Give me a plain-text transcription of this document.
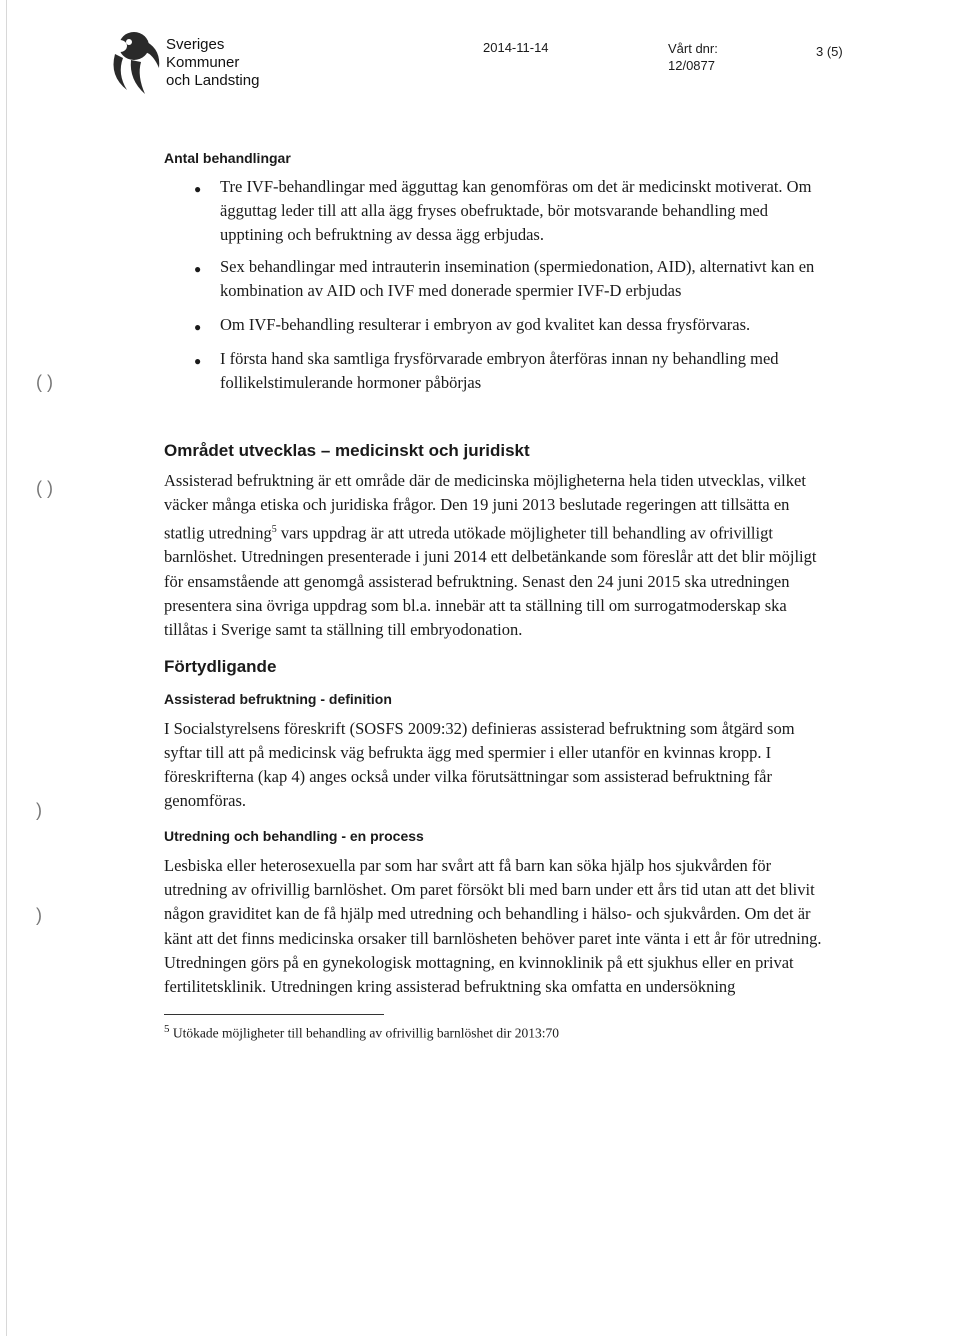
( )
( )
)
)
Sveriges
Kommuner
och Landsting
2014-11-14	Vårt dnr:
12/0877
3 (5)
Antal behandlingar
● Tre IVF-behandlingar med ägguttag kan genomföras om det är medicinskt motiverat. Om ägguttag leder till att alla ägg fryses obefruktade, bör motsvarande behandling med upptining och befruktning av dessa ägg erbjudas.
● Sex behandlingar med intrauterin insemination (spermiedonation, AID), alternativt kan en kombination av AID och IVF med donerade spermier IVF-D erbjudas
● Om IVF-behandling resulterar i embryon av god kvalitet kan dessa frysförvaras.
● I första hand ska samtliga frysförvarade embryon återföras innan ny behandling med follikelstimulerande hormoner påbörjas
Området utvecklas – medicinskt och juridiskt

Assisterad befruktning är ett område där de medicinska möjligheterna hela tiden utvecklas, vilket väcker många etiska och juridiska frågor. Den 19 juni 2013 beslutade regeringen att tillsätta en statlig utredning$^5$ vars uppdrag är att utreda utökade möjligheter till behandling av ofrivilligt barnlöshet. Utredningen presenterade i juni 2014 ett delbetänkande som föreslår att det blir möjligt för ensamstående att genomgå assisterad befruktning. Senast den 24 juni 2015 ska utredningen presentera sina övriga uppdrag som bl.a. innebär att ta ställning till om surrogatmoderskap ska tillåtas i Sverige samt ta ställning till embryodonation.

Förtydligande
Assisterad befruktning - definition

I Socialstyrelsens föreskrift (SOSFS 2009:32) definieras assisterad befruktning som åtgärd som syftar till att på medicinsk väg befrukta ägg med spermier i eller utanför en kvinnas kropp. I föreskrifterna (kap 4) anges också under vilka förutsättningar som assisterad befruktning får genomföras.

Utredning och behandling - en process

Lesbiska eller heterosexuella par som har svårt att få barn kan söka hjälp hos sjukvården för utredning av ofrivillig barnlöshet. Om paret försökt bli med barn under ett års tid utan att det blivit någon graviditet kan de få hjälp med utredning och behandling i hälso- och sjukvården. Om det är känt att det finns medicinska orsaker till barnlösheten behöver paret inte vänta i ett år för utredning. Utredningen görs på en gynekologisk mottagning, en kvinnoklinik på ett sjukhus eller en privat fertilitetsklinik. Utredningen kring assisterad befruktning ska omfatta en undersökning

$^5$ Utökade möjligheter till behandling av ofrivillig barnlöshet dir 2013:70
